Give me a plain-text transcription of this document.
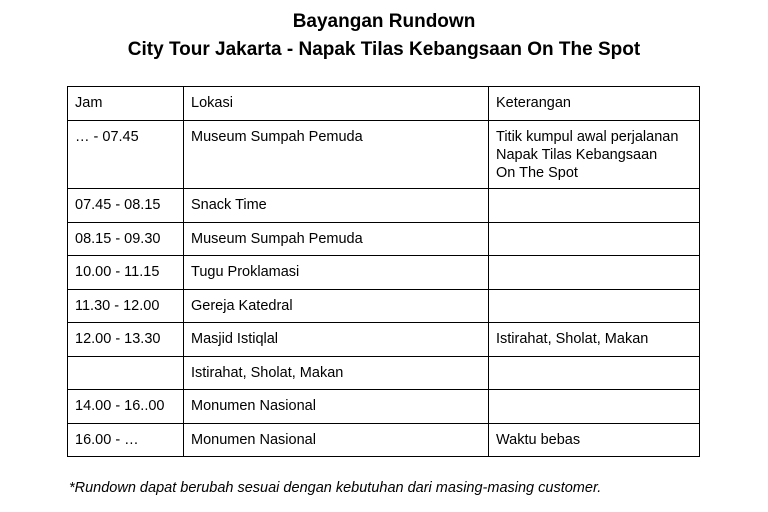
Bayangan Rundown
City Tour Jakarta - Napak Tilas Kebangsaan On The Spot
Jam	Lokasi	Keterangan
… - 07.45	Museum Sumpah Pemuda	Titik kumpul awal perjalanan
Napak Tilas Kebangsaan
On The Spot
07.45 - 08.15	Snack Time	
08.15 - 09.30	Museum Sumpah Pemuda	
10.00 - 11.15	Tugu Proklamasi	
11.30 - 12.00	Gereja Katedral	
12.00 - 13.30	Masjid Istiqlal	Istirahat, Sholat, Makan
	Istirahat, Sholat, Makan	
14.00 - 16..00	Monumen Nasional	
16.00 - …	Monumen Nasional	Waktu bebas
*Rundown dapat berubah sesuai dengan kebutuhan dari masing-masing customer.
